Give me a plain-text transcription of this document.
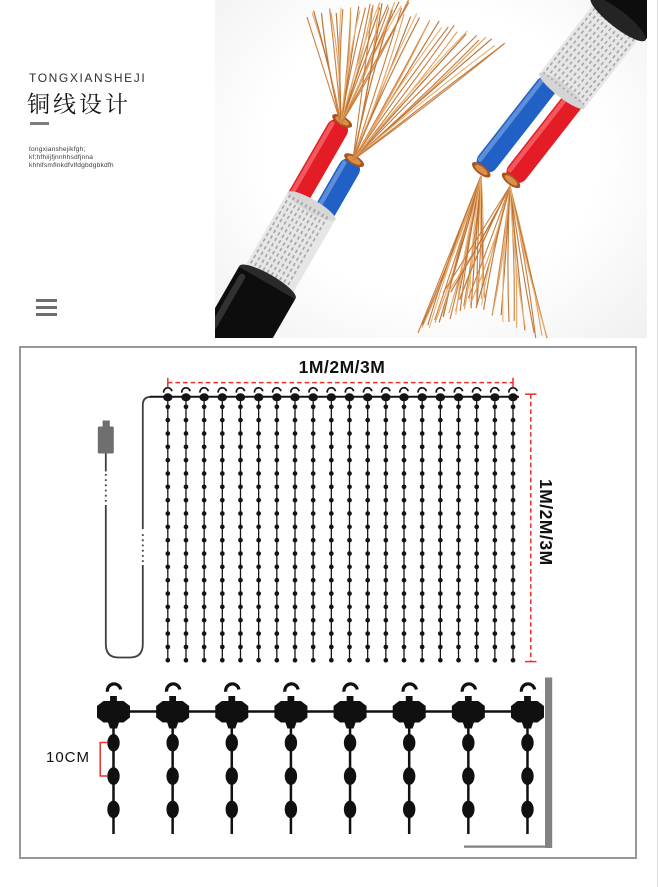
TONGXIANSHEJI
铜线设计
tongxianshejikfgh;
kf;hfhiijfjnnhhsdfjnna
khhlfsmflnkdfvlfdgbdgbkdfh
1M/2M/3M
1M/2M/3M
10CM
